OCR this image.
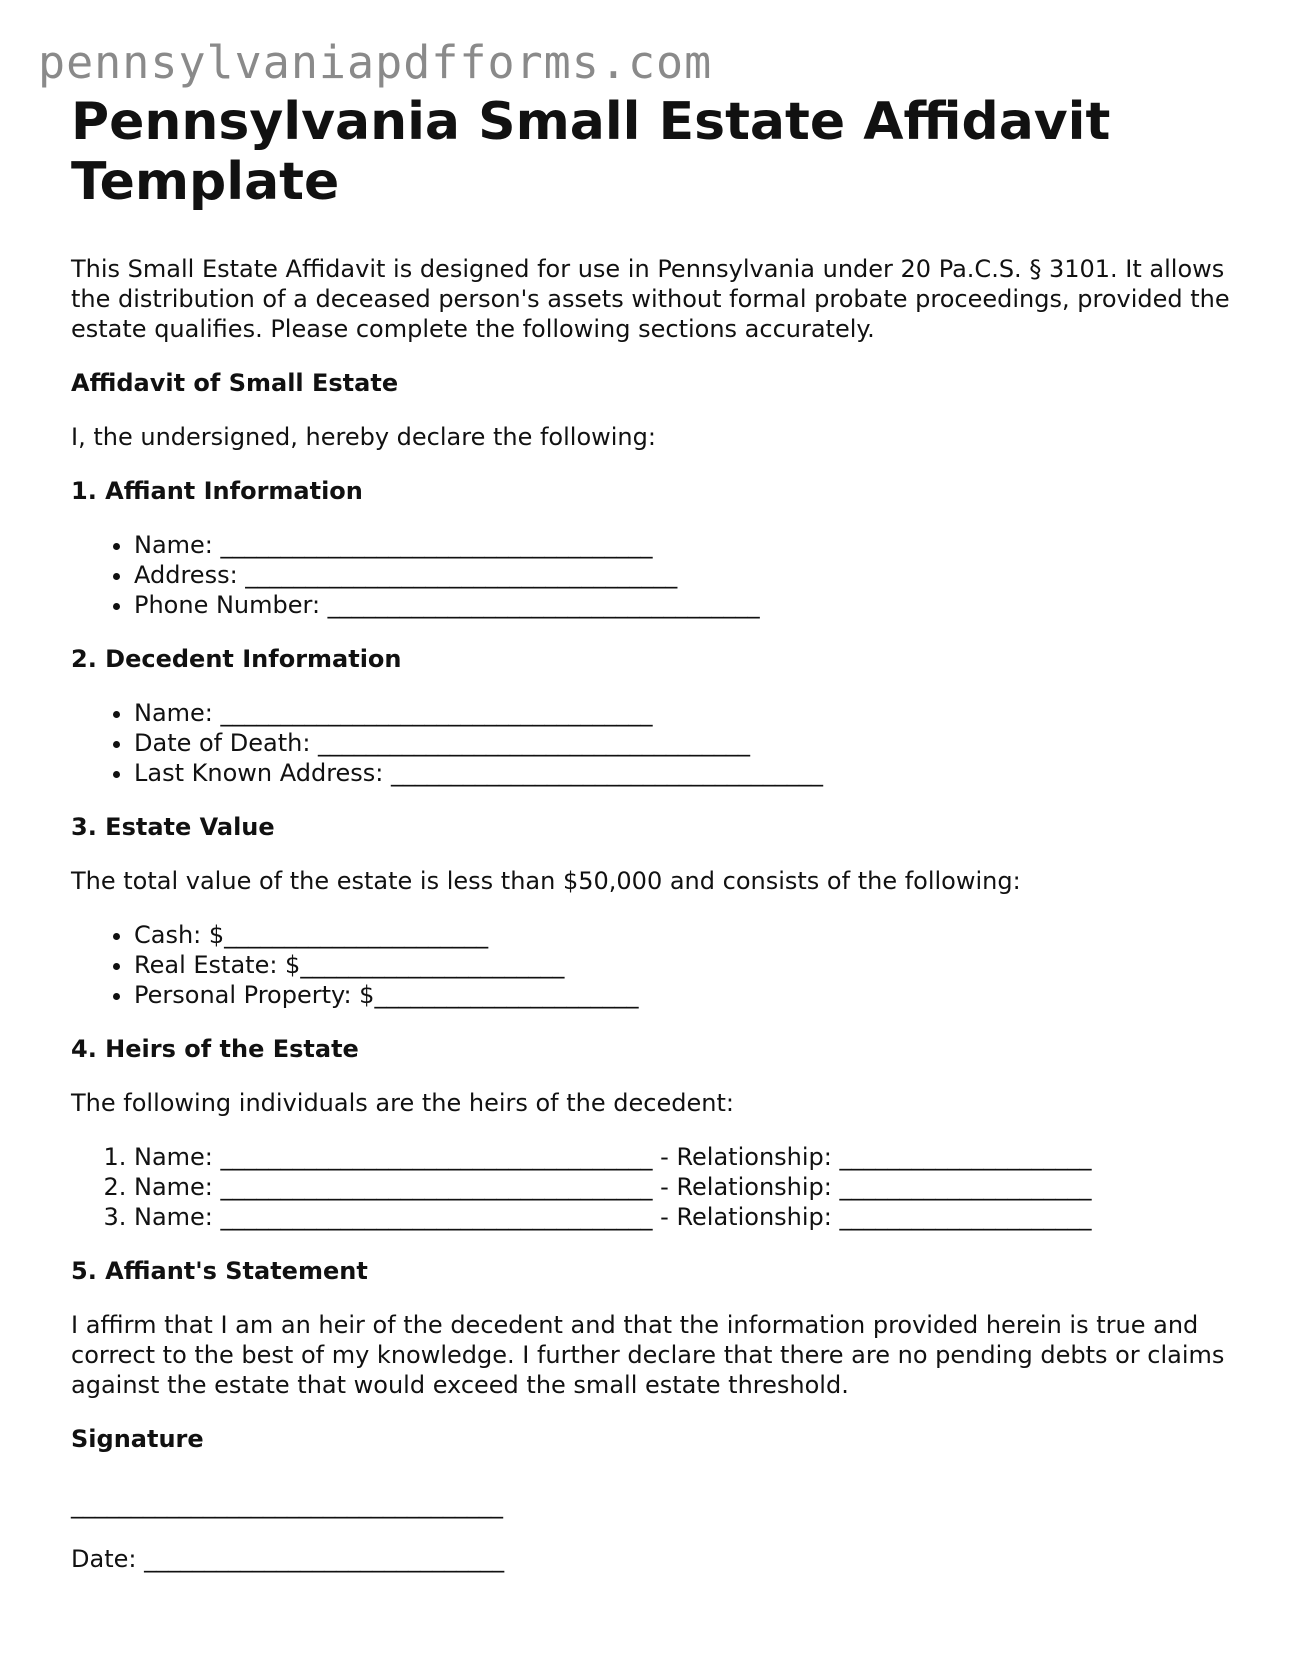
pennsylvaniapdfforms.com
Pennsylvania Small Estate Affidavit Template
This Small Estate Affidavit is designed for use in Pennsylvania under 20 Pa.C.S. § 3101. It allows the distribution of a deceased person's assets without formal probate proceedings, provided the estate qualifies. Please complete the following sections accurately.
Affidavit of Small Estate

I, the undersigned, hereby declare the following:

1. Affiant Information
• Name: ____________________________________
• Address: ____________________________________
• Phone Number: ____________________________________
2. Decedent Information
• Name: ____________________________________
• Date of Death: ____________________________________
• Last Known Address: ____________________________________
3. Estate Value

The total value of the estate is less than $50,000 and consists of the following:

• Cash: $______________________
• Real Estate: $______________________
• Personal Property: $______________________
4. Heirs of the Estate

The following individuals are the heirs of the decedent:

1. Name: ____________________________________ - Relationship: _____________________
2. Name: ____________________________________ - Relationship: _____________________
3. Name: ____________________________________ - Relationship: _____________________
5. Affiant's Statement

I affirm that I am an heir of the decedent and that the information provided herein is true and correct to the best of my knowledge. I further declare that there are no pending debts or claims against the estate that would exceed the small estate threshold.

Signature
____________________________________
Date: ______________________________
